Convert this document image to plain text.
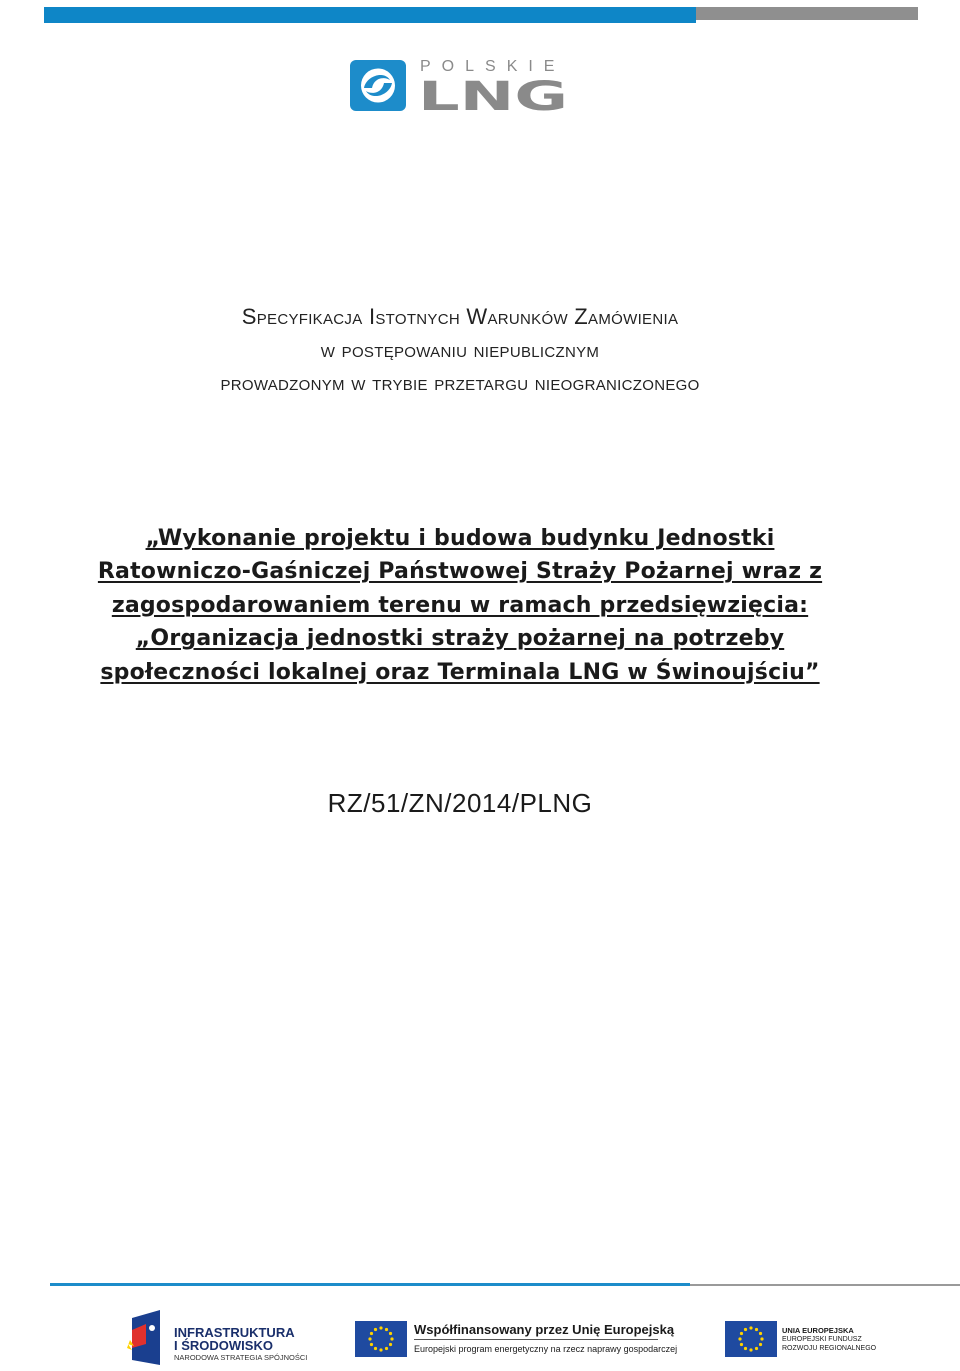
POLSKIE
LNG
Specyfikacja Istotnych Warunków Zamówienia
w postępowaniu niepublicznym
prowadzonym w trybie przetargu nieograniczonego
„Wykonanie projektu i budowa budynku Jednostki
Ratowniczo-Gaśniczej Państwowej Straży Pożarnej wraz z
zagospodarowaniem terenu w ramach przedsięwzięcia:
„Organizacja jednostki straży pożarnej na potrzeby
społeczności lokalnej oraz Terminala LNG w Świnoujściu”
RZ/51/ZN/2014/PLNG
INFRASTRUKTURA
I ŚRODOWISKO
NARODOWA STRATEGIA SPÓJNOŚCI
Współfinansowany przez Unię Europejską
Europejski program energetyczny na rzecz naprawy gospodarczej
UNIA EUROPEJSKA
EUROPEJSKI FUNDUSZ
ROZWOJU REGIONALNEGO
